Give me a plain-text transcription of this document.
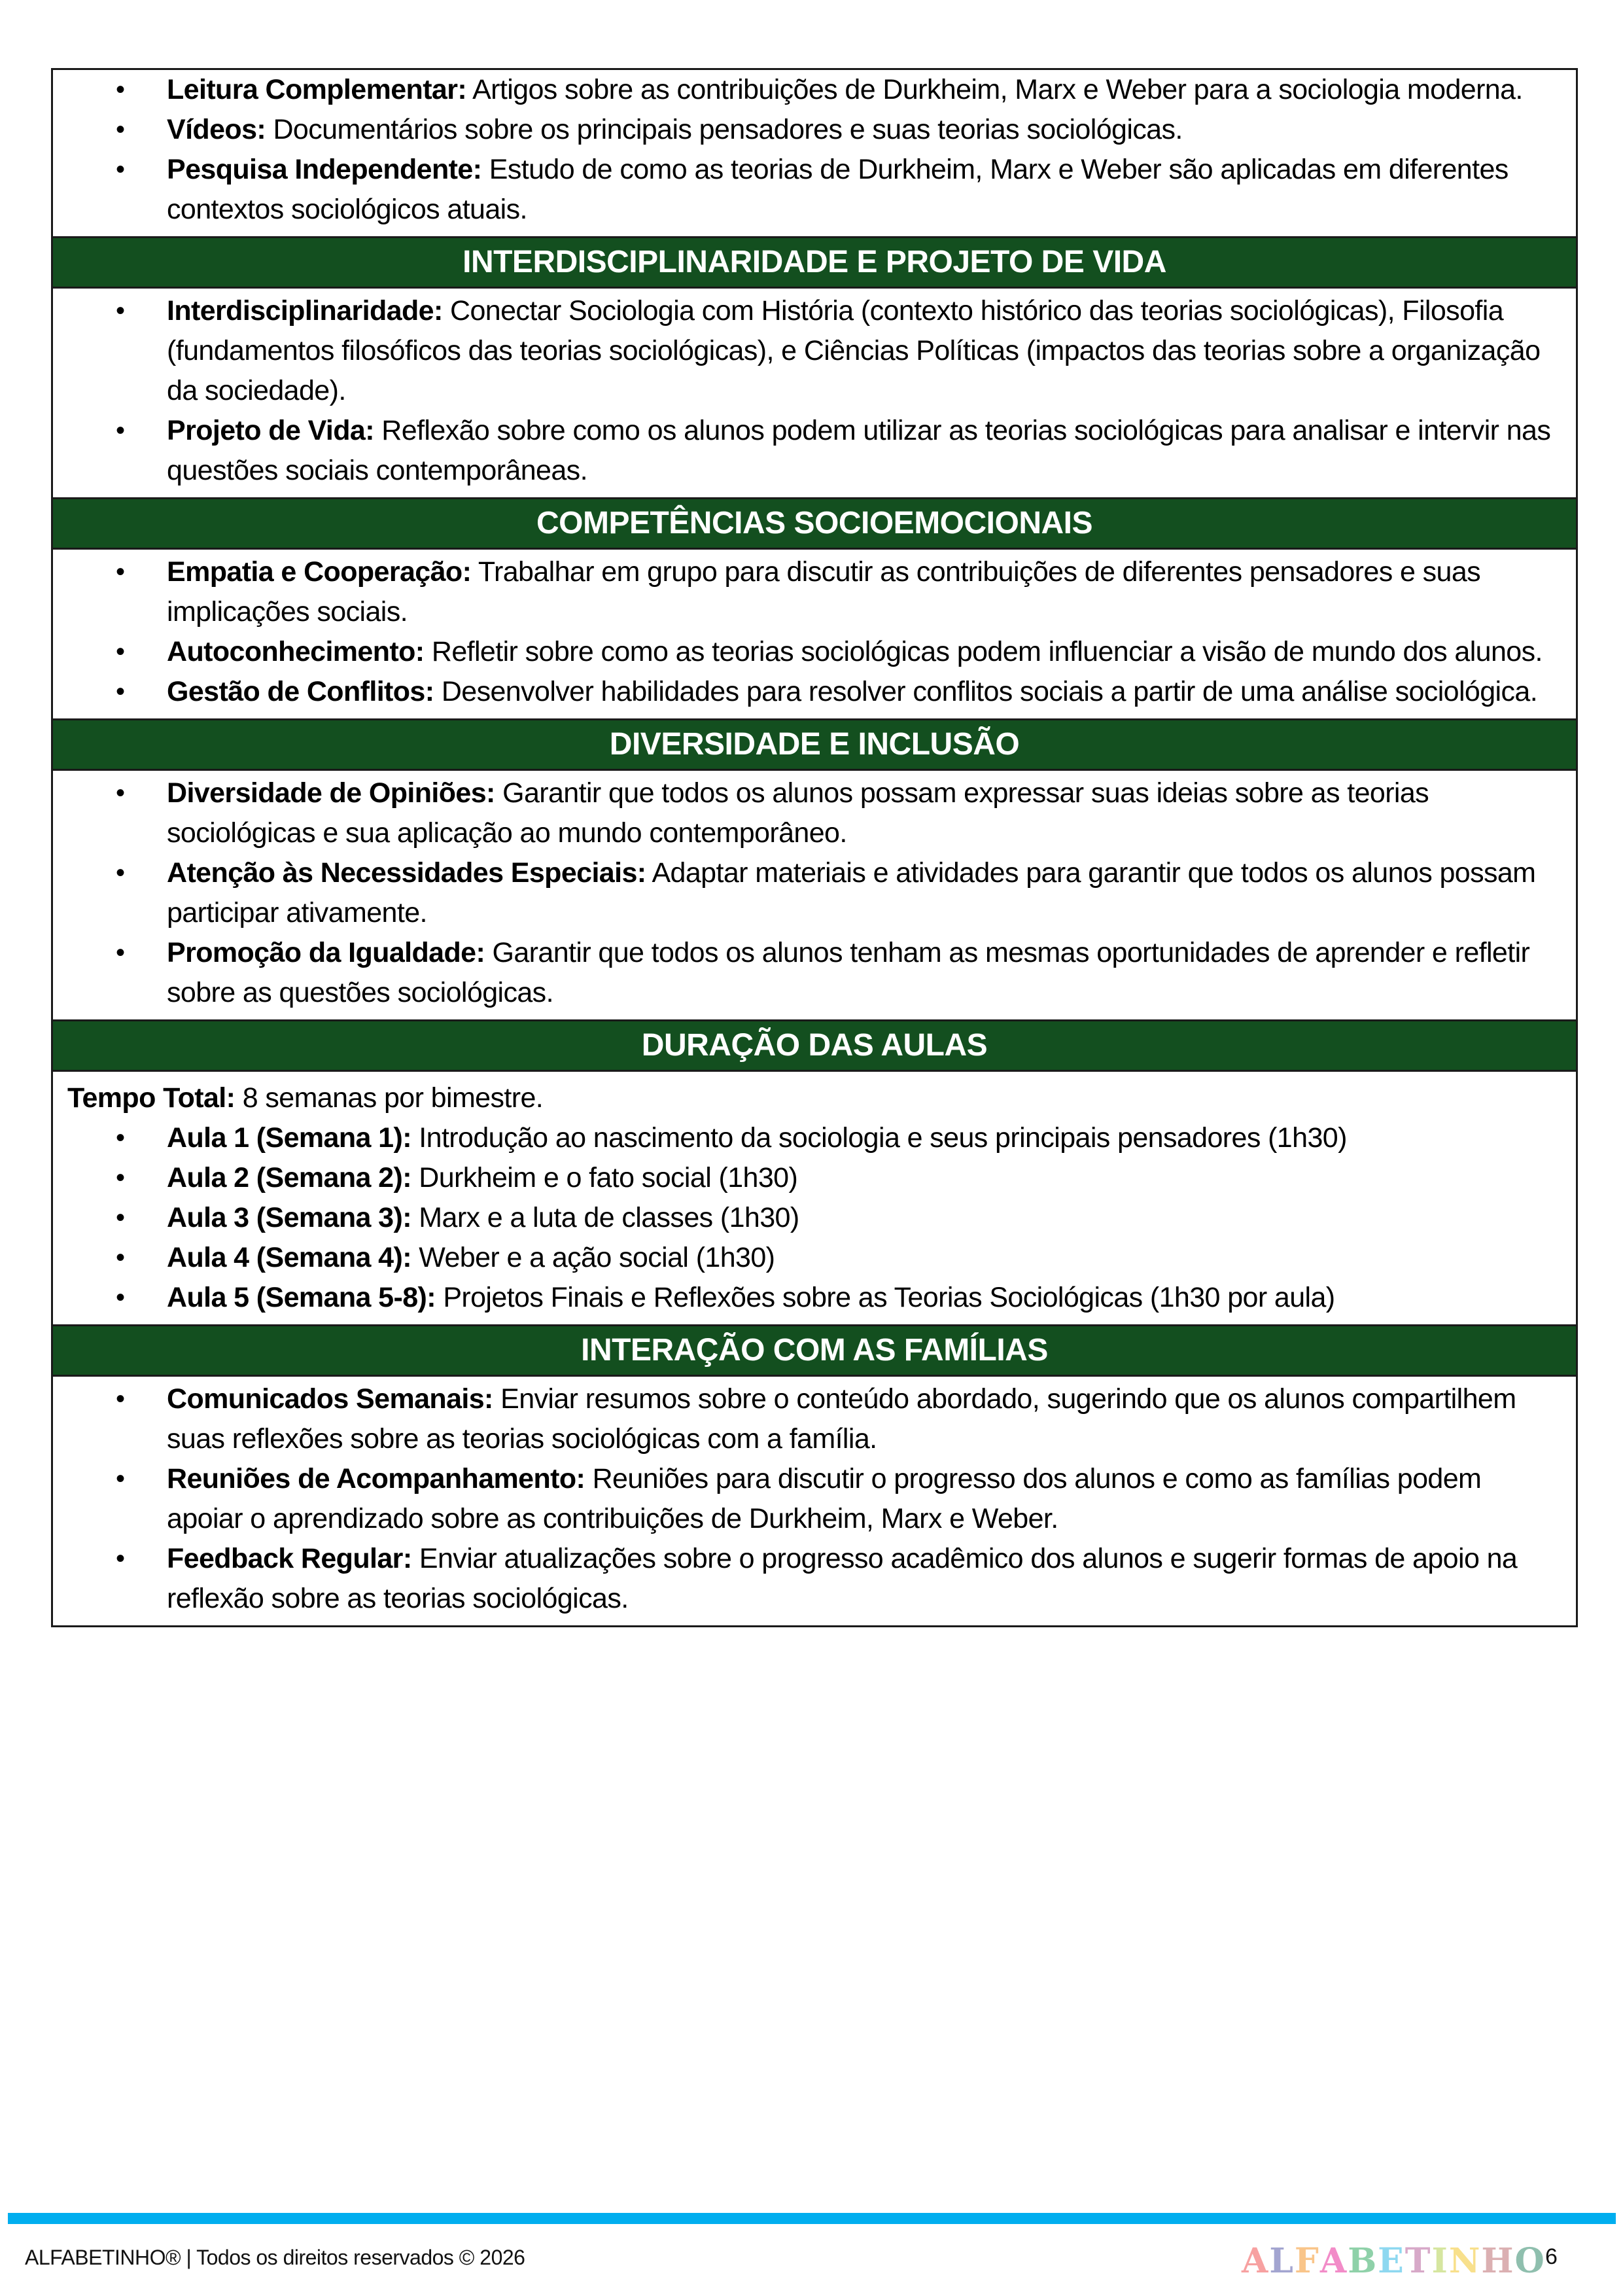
• Leitura Complementar: Artigos sobre as contribuições de Durkheim, Marx e Weber para a sociologia moderna.
• Vídeos: Documentários sobre os principais pensadores e suas teorias sociológicas.
• Pesquisa Independente: Estudo de como as teorias de Durkheim, Marx e Weber são aplicadas em diferentes contextos sociológicos atuais.
INTERDISCIPLINARIDADE E PROJETO DE VIDA
• Interdisciplinaridade: Conectar Sociologia com História (contexto histórico das teorias sociológicas), Filosofia (fundamentos filosóficos das teorias sociológicas), e Ciências Políticas (impactos das teorias sobre a organização da sociedade).
• Projeto de Vida: Reflexão sobre como os alunos podem utilizar as teorias sociológicas para analisar e intervir nas questões sociais contemporâneas.
COMPETÊNCIAS SOCIOEMOCIONAIS
• Empatia e Cooperação: Trabalhar em grupo para discutir as contribuições de diferentes pensadores e suas implicações sociais.
• Autoconhecimento: Refletir sobre como as teorias sociológicas podem influenciar a visão de mundo dos alunos.
• Gestão de Conflitos: Desenvolver habilidades para resolver conflitos sociais a partir de uma análise sociológica.
DIVERSIDADE E INCLUSÃO
• Diversidade de Opiniões: Garantir que todos os alunos possam expressar suas ideias sobre as teorias sociológicas e sua aplicação ao mundo contemporâneo.
• Atenção às Necessidades Especiais: Adaptar materiais e atividades para garantir que todos os alunos possam participar ativamente.
• Promoção da Igualdade: Garantir que todos os alunos tenham as mesmas oportunidades de aprender e refletir sobre as questões sociológicas.
DURAÇÃO DAS AULAS
Tempo Total: 8 semanas por bimestre.
• Aula 1 (Semana 1): Introdução ao nascimento da sociologia e seus principais pensadores (1h30)
• Aula 2 (Semana 2): Durkheim e o fato social (1h30)
• Aula 3 (Semana 3): Marx e a luta de classes (1h30)
• Aula 4 (Semana 4): Weber e a ação social (1h30)
• Aula 5 (Semana 5-8): Projetos Finais e Reflexões sobre as Teorias Sociológicas (1h30 por aula)
INTERAÇÃO COM AS FAMÍLIAS
• Comunicados Semanais: Enviar resumos sobre o conteúdo abordado, sugerindo que os alunos compartilhem suas reflexões sobre as teorias sociológicas com a família.
• Reuniões de Acompanhamento: Reuniões para discutir o progresso dos alunos e como as famílias podem apoiar o aprendizado sobre as contribuições de Durkheim, Marx e Weber.
• Feedback Regular: Enviar atualizações sobre o progresso acadêmico dos alunos e sugerir formas de apoio na reflexão sobre as teorias sociológicas.
ALFABETINHO® | Todos os direitos reservados © 2026	ALFABETINHO 6
